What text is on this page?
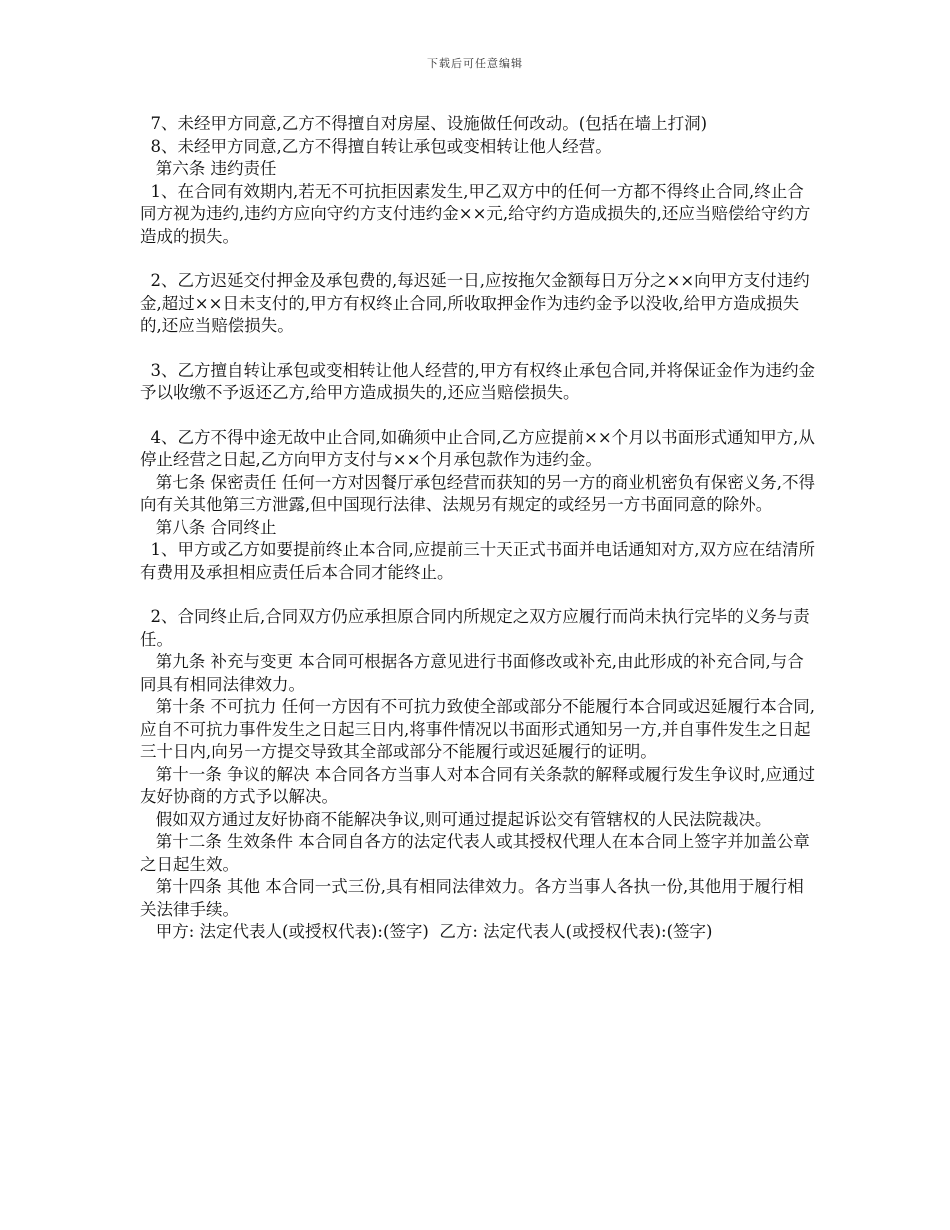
下载后可任意编辑

7、未经甲方同意,乙方不得擅自对房屋、设施做任何改动。(包括在墙上打洞)

8、未经甲方同意,乙方不得擅自转让承包或变相转让他人经营。

第六条 违约责任

1、在合同有效期内,若无不可抗拒因素发生,甲乙双方中的任何一方都不得终止合同,终止合同方视为违约,违约方应向守约方支付违约金××元,给守约方造成损失的,还应当赔偿给守约方造成的损失。

2、乙方迟延交付押金及承包费的,每迟延一日,应按拖欠金额每日万分之××向甲方支付违约金,超过××日未支付的,甲方有权终止合同,所收取押金作为违约金予以没收,给甲方造成损失的,还应当赔偿损失。

3、乙方擅自转让承包或变相转让他人经营的,甲方有权终止承包合同,并将保证金作为违约金予以收缴不予返还乙方,给甲方造成损失的,还应当赔偿损失。

4、乙方不得中途无故中止合同,如确须中止合同,乙方应提前××个月以书面形式通知甲方,从停止经营之日起,乙方向甲方支付与××个月承包款作为违约金。

第七条 保密责任 任何一方对因餐厅承包经营而获知的另一方的商业机密负有保密义务,不得向有关其他第三方泄露,但中国现行法律、法规另有规定的或经另一方书面同意的除外。

第八条 合同终止

1、甲方或乙方如要提前终止本合同,应提前三十天正式书面并电话通知对方,双方应在结清所有费用及承担相应责任后本合同才能终止。

2、合同终止后,合同双方仍应承担原合同内所规定之双方应履行而尚未执行完毕的义务与责任。

第九条 补充与变更 本合同可根据各方意见进行书面修改或补充,由此形成的补充合同,与合同具有相同法律效力。

第十条 不可抗力 任何一方因有不可抗力致使全部或部分不能履行本合同或迟延履行本合同,应自不可抗力事件发生之日起三日内,将事件情况以书面形式通知另一方,并自事件发生之日起三十日内,向另一方提交导致其全部或部分不能履行或迟延履行的证明。

第十一条 争议的解决 本合同各方当事人对本合同有关条款的解释或履行发生争议时,应通过友好协商的方式予以解决。

假如双方通过友好协商不能解决争议,则可通过提起诉讼交有管辖权的人民法院裁决。

第十二条 生效条件 本合同自各方的法定代表人或其授权代理人在本合同上签字并加盖公章之日起生效。

第十四条 其他 本合同一式三份,具有相同法律效力。各方当事人各执一份,其他用于履行相关法律手续。

甲方: 法定代表人(或授权代表):(签字)  乙方: 法定代表人(或授权代表):(签字)
